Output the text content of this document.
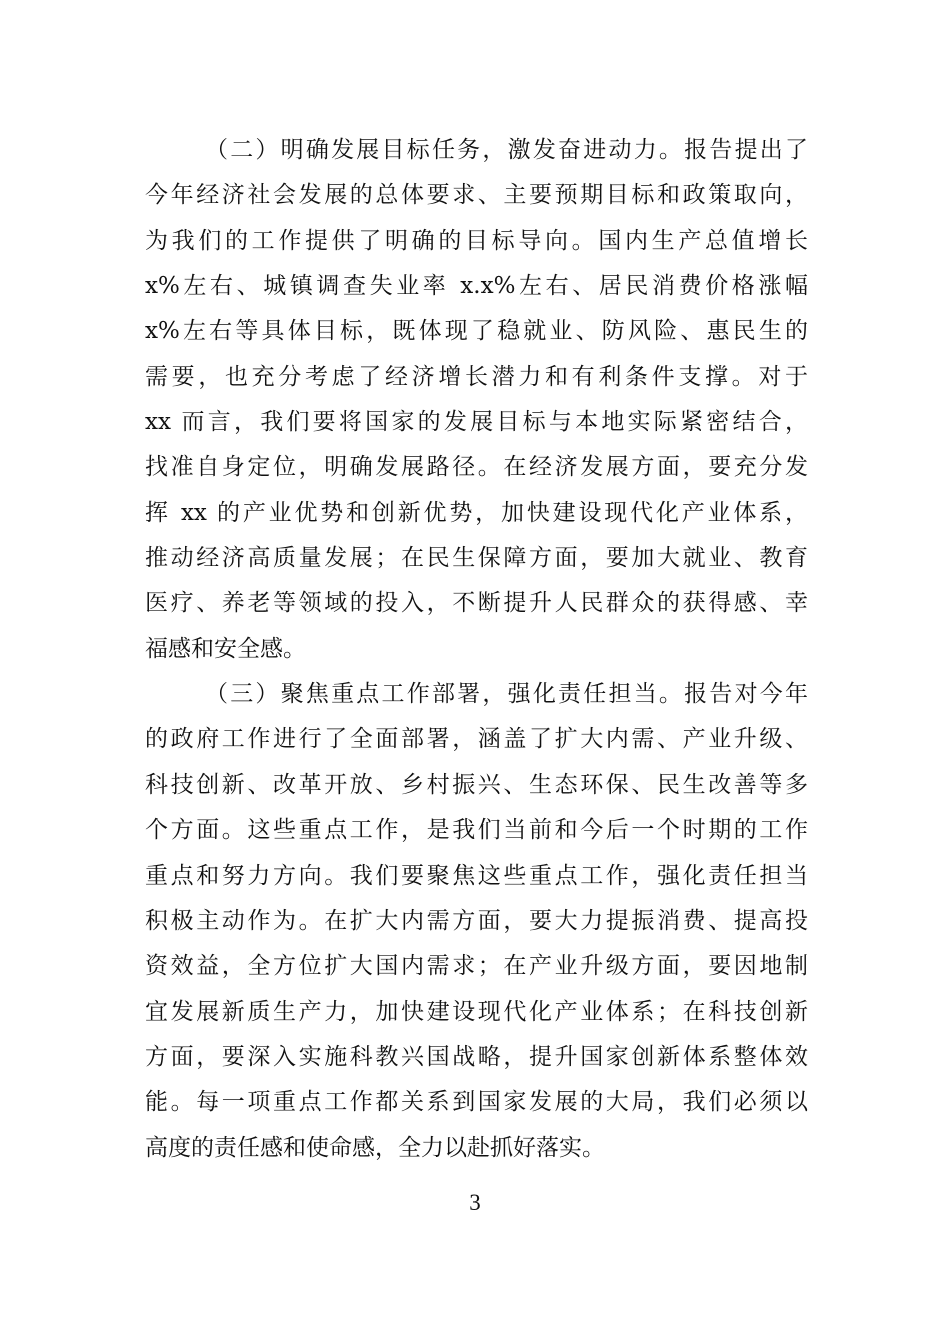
（二）明确发展目标任务，激发奋进动力。报告提出了
今年经济社会发展的总体要求、主要预期目标和政策取向，
为我们的工作提供了明确的目标导向。国内生产总值增长
x%左右、城镇调查失业率 x.x%左右、居民消费价格涨幅
x%左右等具体目标，既体现了稳就业、防风险、惠民生的
需要，也充分考虑了经济增长潜力和有利条件支撑。对于
xx 而言，我们要将国家的发展目标与本地实际紧密结合，
找准自身定位，明确发展路径。在经济发展方面，要充分发
挥 xx 的产业优势和创新优势，加快建设现代化产业体系，
推动经济高质量发展；在民生保障方面，要加大就业、教育
医疗、养老等领域的投入，不断提升人民群众的获得感、幸
福感和安全感。
（三）聚焦重点工作部署，强化责任担当。报告对今年
的政府工作进行了全面部署，涵盖了扩大内需、产业升级、
科技创新、改革开放、乡村振兴、生态环保、民生改善等多
个方面。这些重点工作，是我们当前和今后一个时期的工作
重点和努力方向。我们要聚焦这些重点工作，强化责任担当
积极主动作为。在扩大内需方面，要大力提振消费、提高投
资效益，全方位扩大国内需求；在产业升级方面，要因地制
宜发展新质生产力，加快建设现代化产业体系；在科技创新
方面，要深入实施科教兴国战略，提升国家创新体系整体效
能。每一项重点工作都关系到国家发展的大局，我们必须以
高度的责任感和使命感，全力以赴抓好落实。
3
